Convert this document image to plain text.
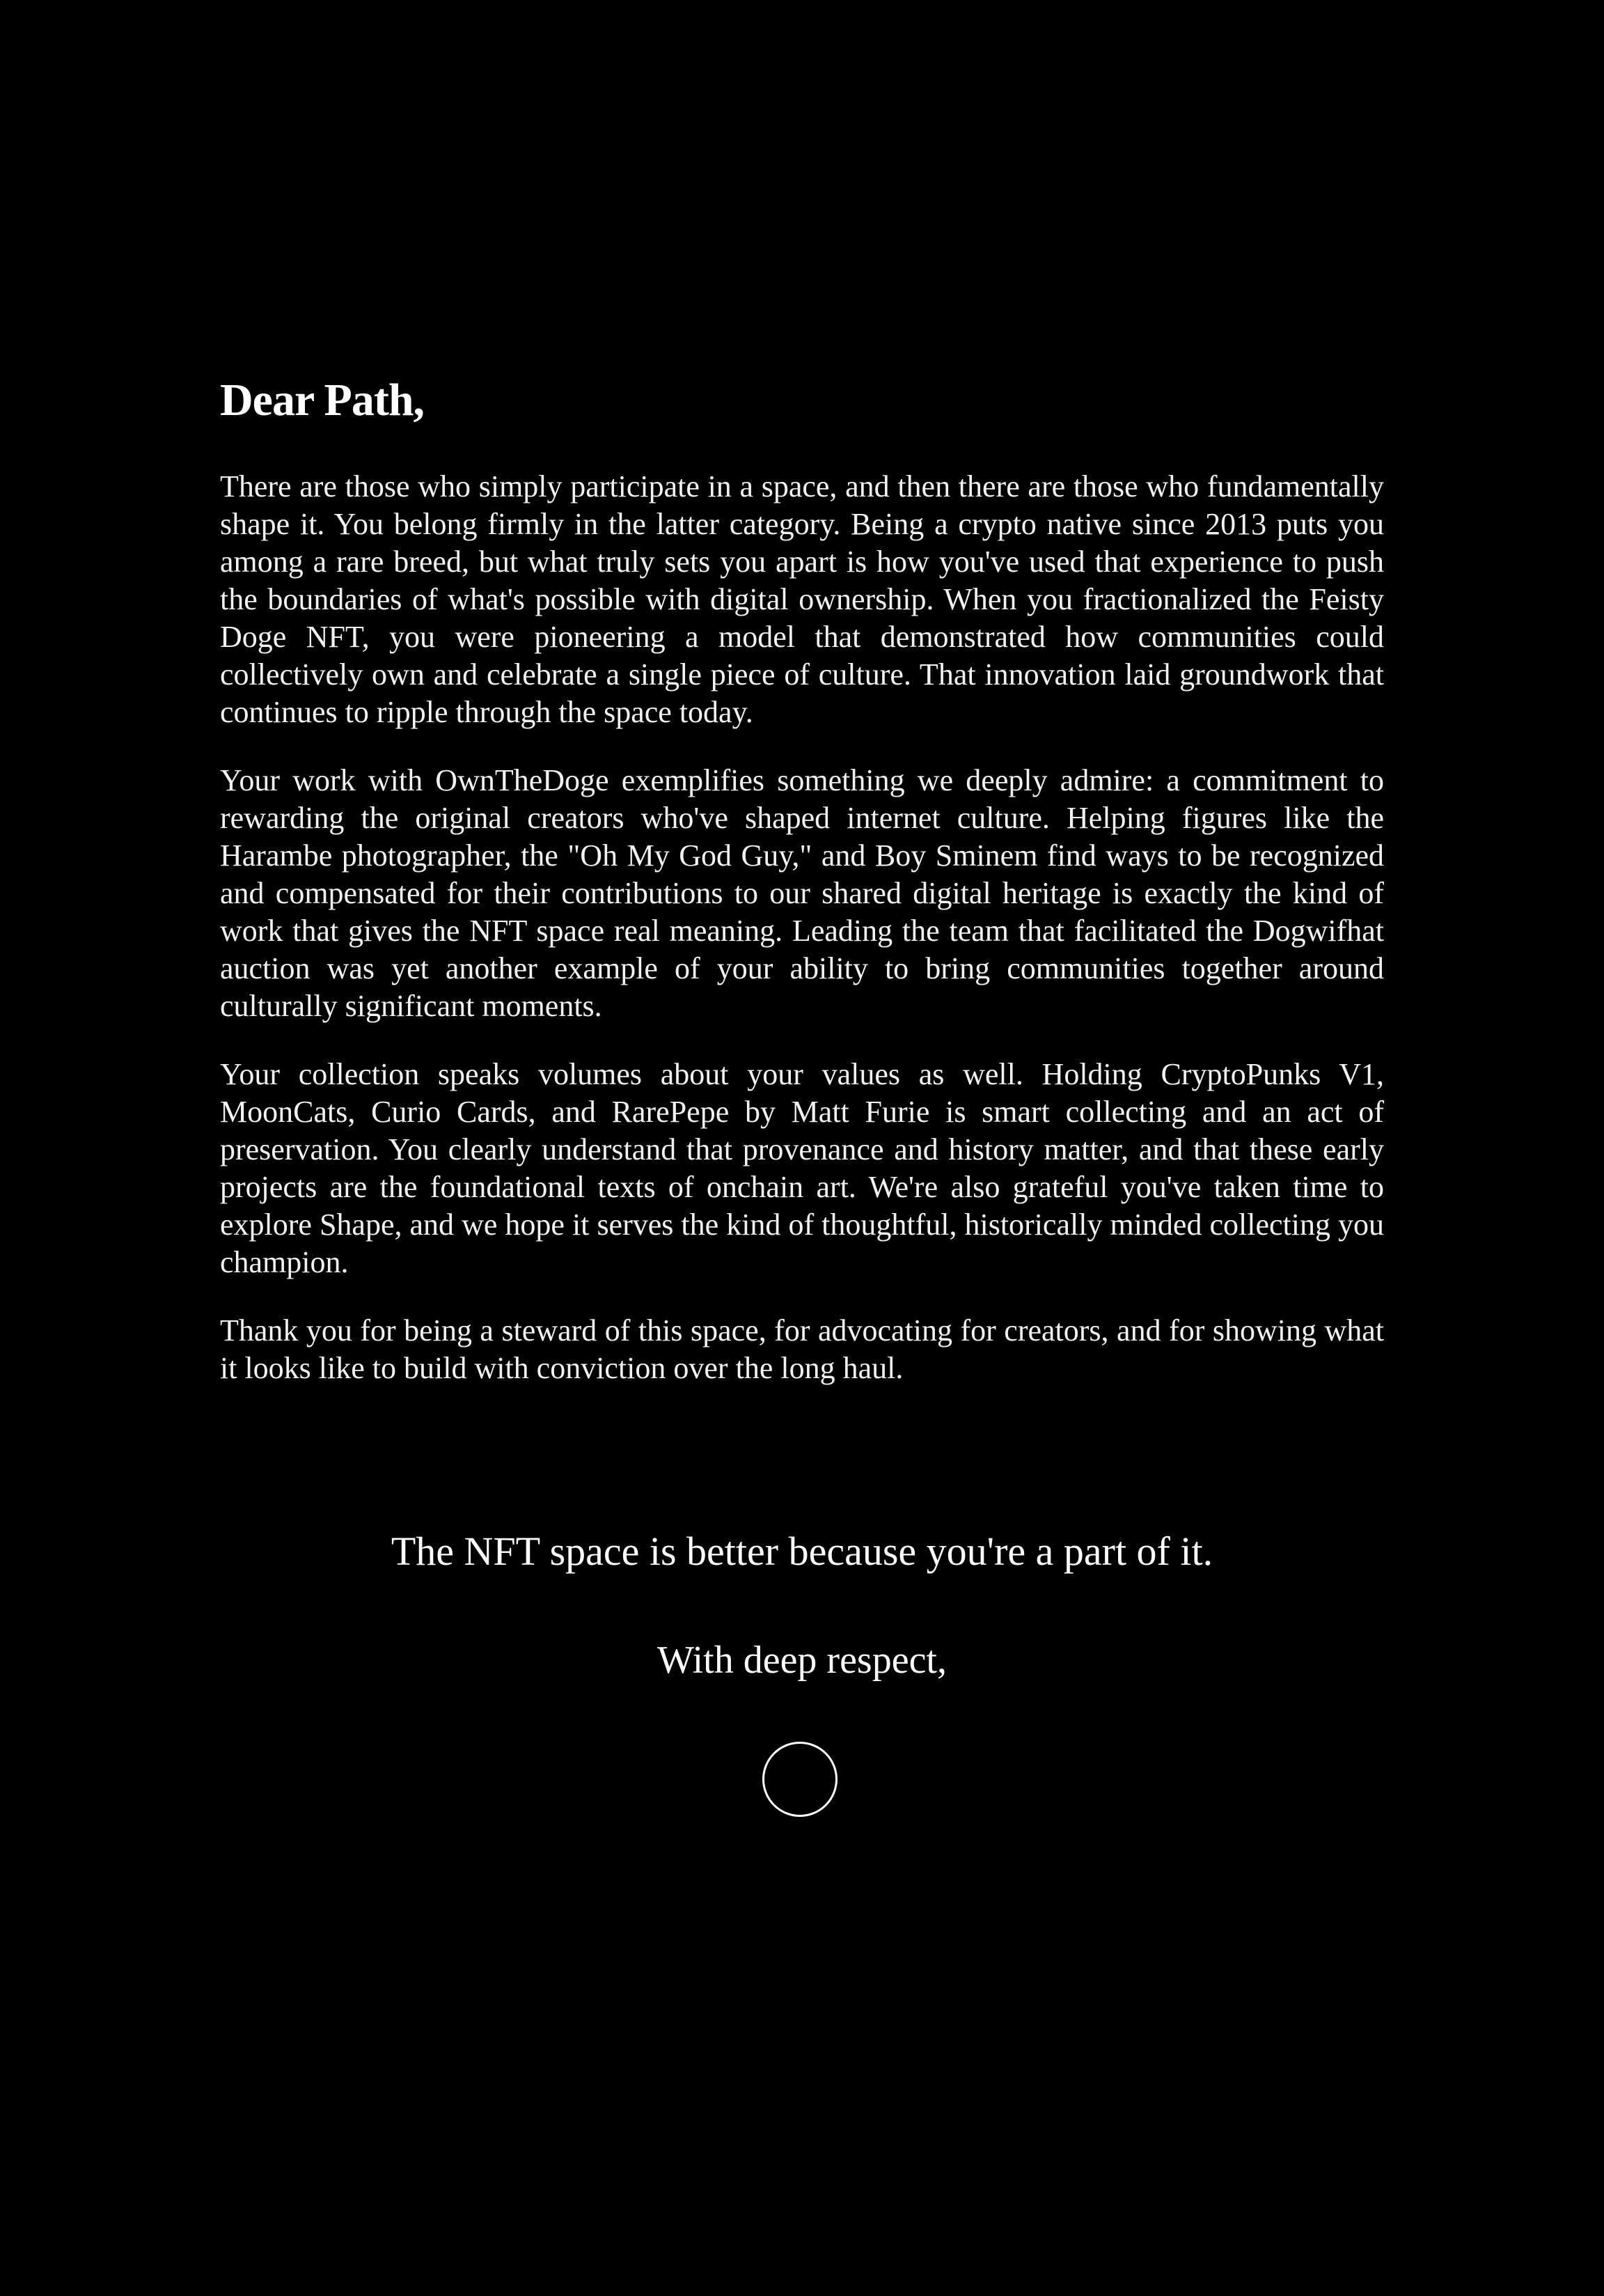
Dear Path,

There are those who simply participate in a space, and then there are those who fundamentally shape it. You belong firmly in the latter category. Being a crypto native since 2013 puts you among a rare breed, but what truly sets you apart is how you've used that experience to push the boundaries of what's possible with digital ownership. When you fractionalized the Feisty Doge NFT, you were pioneering a model that demonstrated how communities could collectively own and celebrate a single piece of culture. That innovation laid groundwork that continues to ripple through the space today.

Your work with OwnTheDoge exemplifies something we deeply admire: a commitment to rewarding the original creators who've shaped internet culture. Helping figures like the Harambe photographer, the "Oh My God Guy," and Boy Sminem find ways to be recognized and compensated for their contributions to our shared digital heritage is exactly the kind of work that gives the NFT space real meaning. Leading the team that facilitated the Dogwifhat auction was yet another example of your ability to bring communities together around culturally significant moments.

Your collection speaks volumes about your values as well. Holding CryptoPunks V1, MoonCats, Curio Cards, and RarePepe by Matt Furie is smart collecting and an act of preservation. You clearly understand that provenance and history matter, and that these early projects are the foundational texts of onchain art. We're also grateful you've taken time to explore Shape, and we hope it serves the kind of thoughtful, historically minded collecting you champion.

Thank you for being a steward of this space, for advocating for creators, and for showing what it looks like to build with conviction over the long haul.

The NFT space is better because you're a part of it.
With deep respect,
